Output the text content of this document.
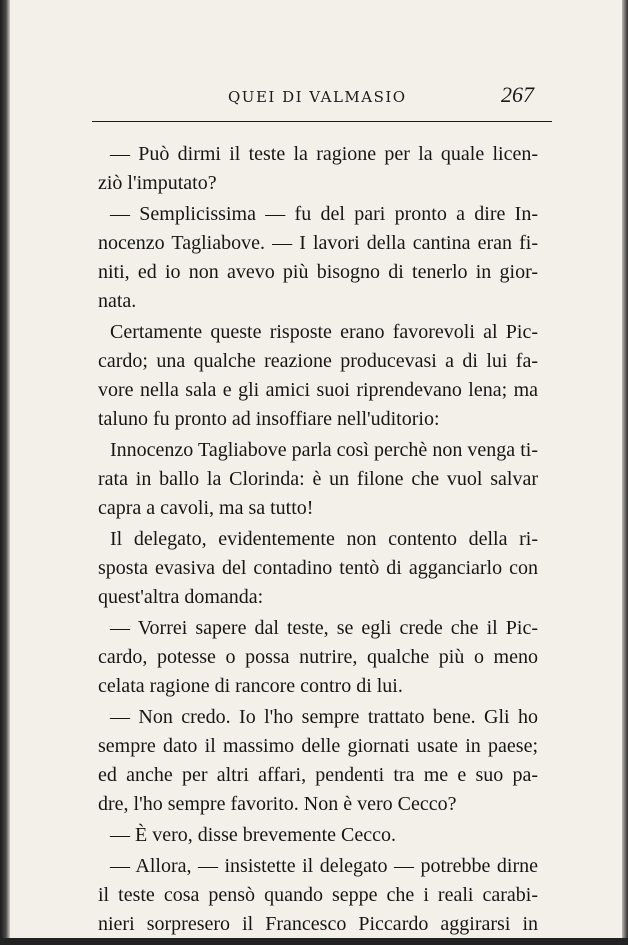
QUEI DI VALMASIO	267
— Può dirmi il teste la ragione per la quale licen-
ziò l'imputato?
— Semplicissima — fu del pari pronto a dire In-
nocenzo Tagliabove. — I lavori della cantina eran fi-
niti, ed io non avevo più bisogno di tenerlo in gior-
nata.
Certamente queste risposte erano favorevoli al Pic-
cardo; una qualche reazione producevasi a di lui fa-
vore nella sala e gli amici suoi riprendevano lena; ma
taluno fu pronto ad insoffiare nell'uditorio:
Innocenzo Tagliabove parla così perchè non venga ti-
rata in ballo la Clorinda: è un filone che vuol salvar
capra a cavoli, ma sa tutto!
Il delegato, evidentemente non contento della ri-
sposta evasiva del contadino tentò di agganciarlo con
quest'altra domanda:
— Vorrei sapere dal teste, se egli crede che il Pic-
cardo, potesse o possa nutrire, qualche più o meno
celata ragione di rancore contro di lui.
— Non credo. Io l'ho sempre trattato bene. Gli ho
sempre dato il massimo delle giornati usate in paese;
ed anche per altri affari, pendenti tra me e suo pa-
dre, l'ho sempre favorito. Non è vero Cecco?
— È vero, disse brevemente Cecco.
— Allora, — insistette il delegato — potrebbe dirne
il teste cosa pensò quando seppe che i reali carabi-
nieri sorpresero il Francesco Piccardo aggirarsi in
